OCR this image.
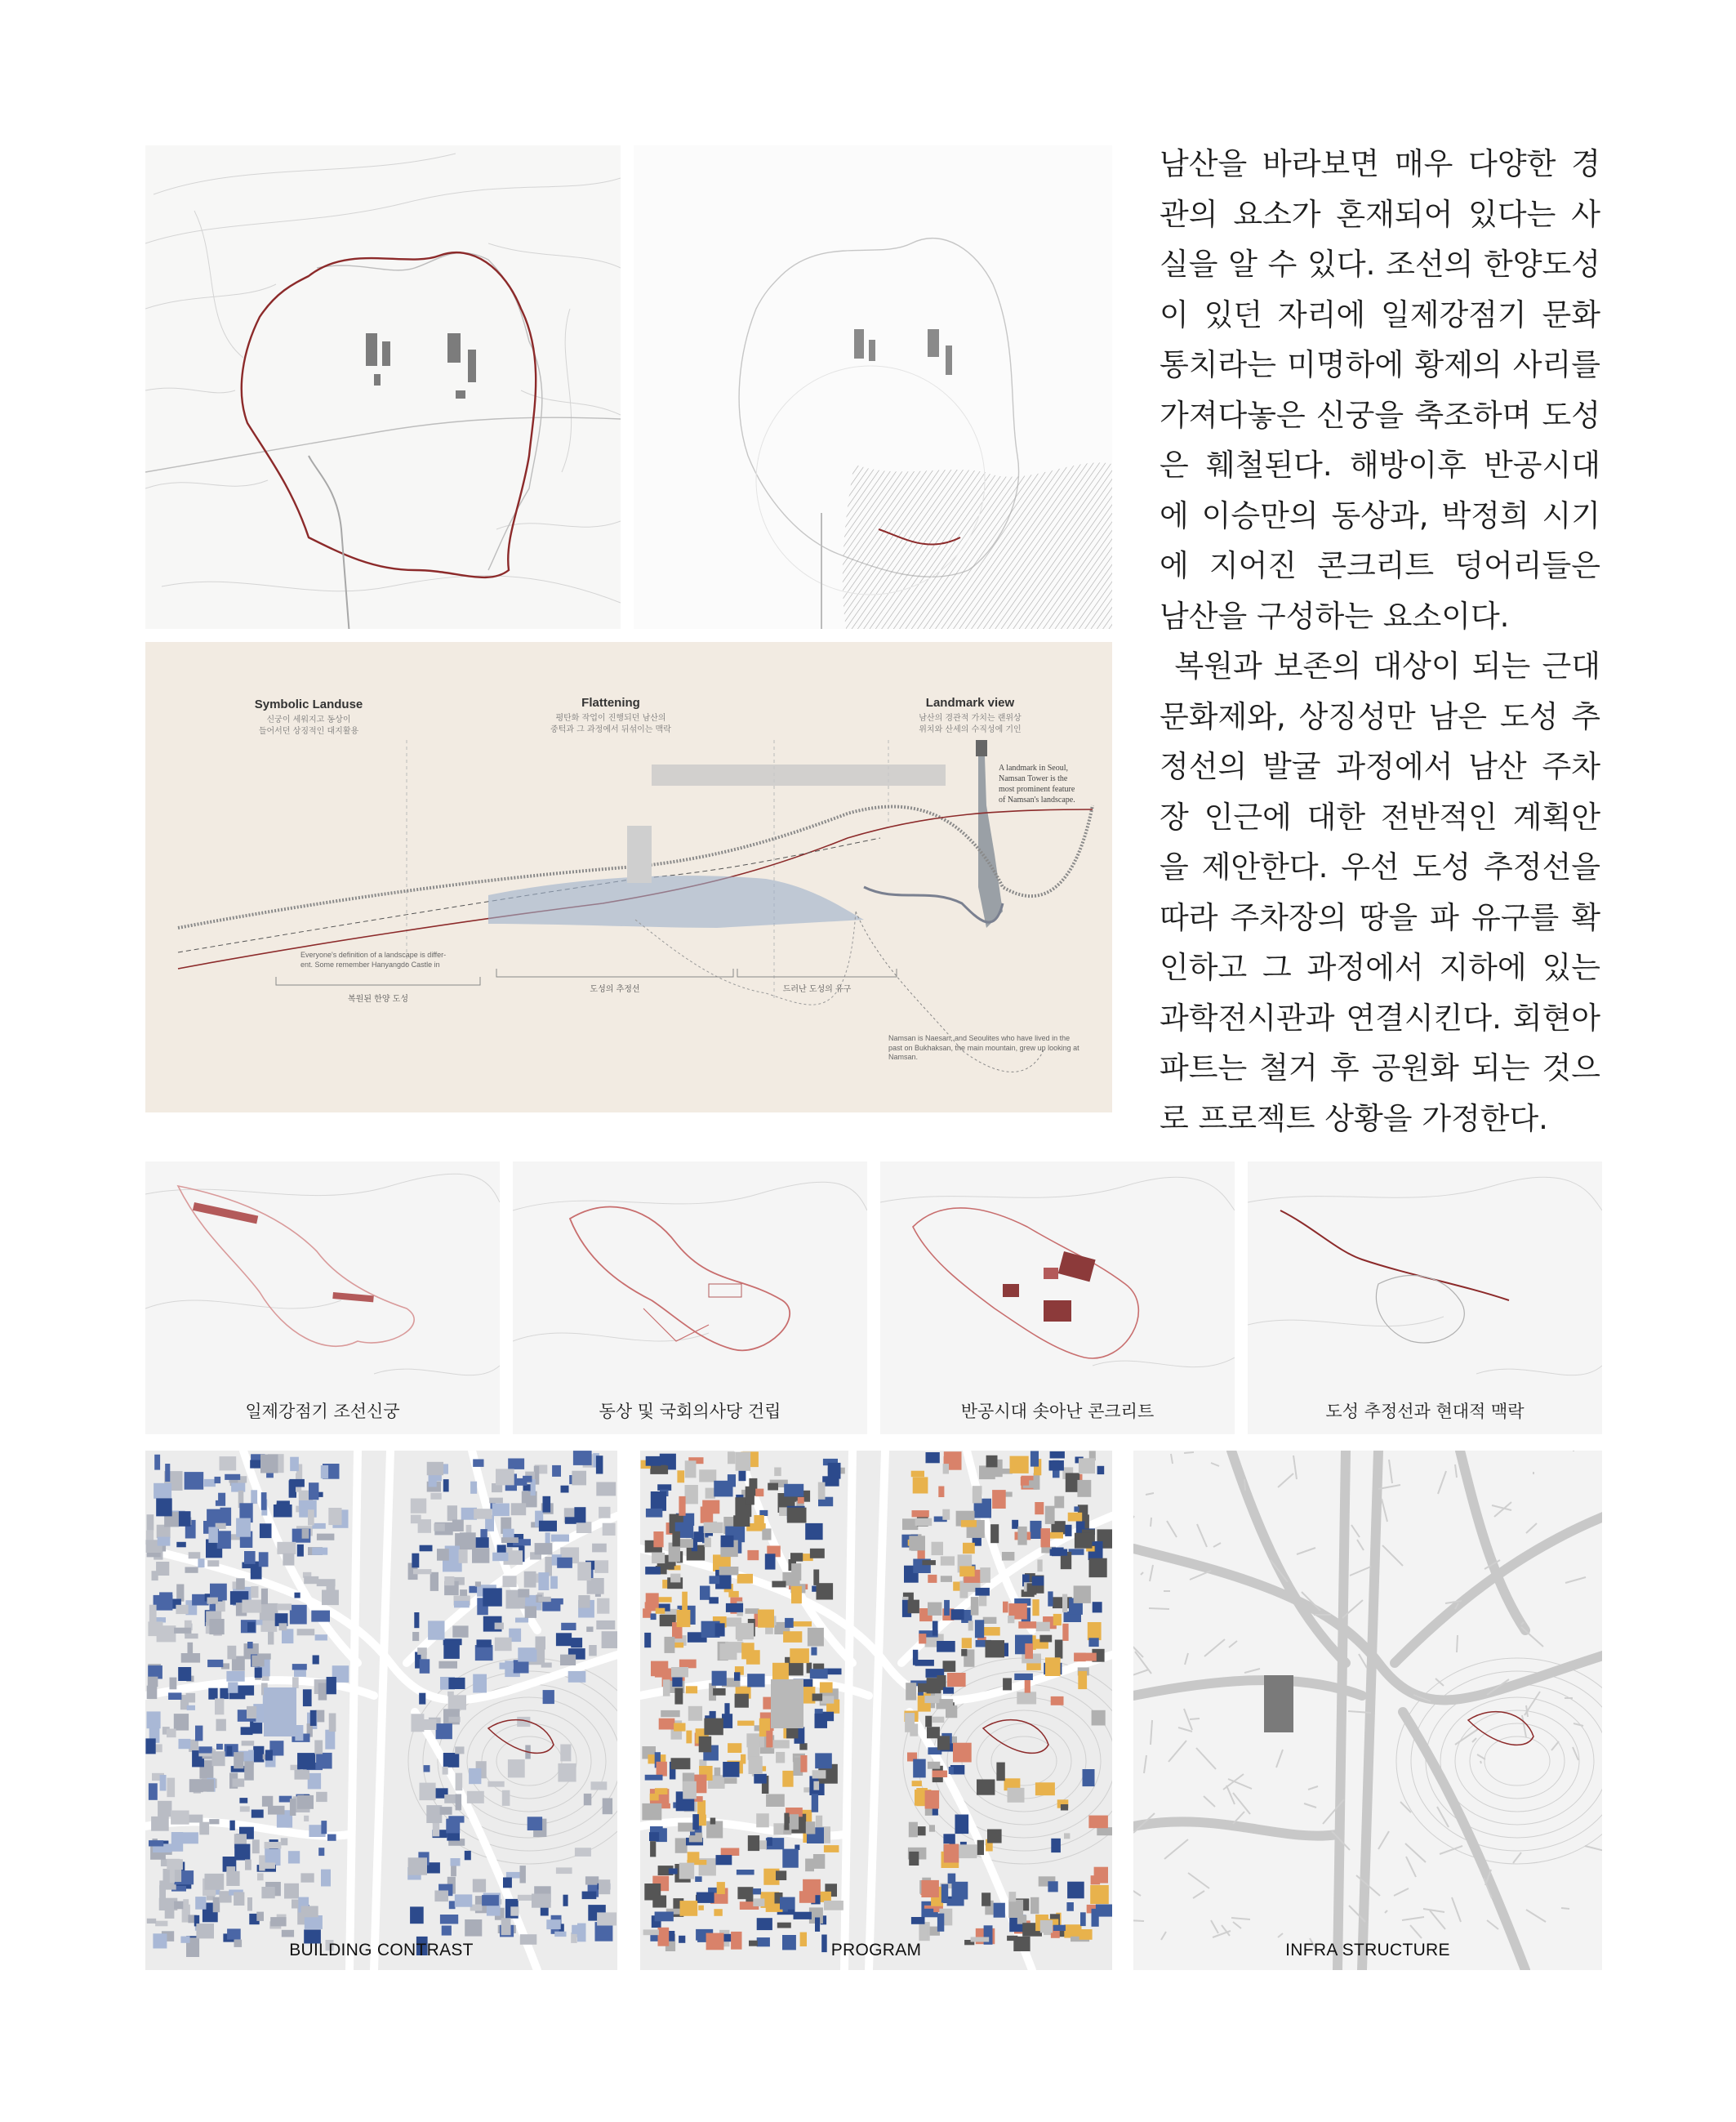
남산을 바라보면 매우 다양한 경관의 요소가 혼재되어 있다는 사실을 알 수 있다. 조선의 한양도성이 있던 자리에 일제강점기 문화통치라는 미명하에 황제의 사리를 가져다놓은 신궁을 축조하며 도성은 훼철된다. 해방이후 반공시대에 이승만의 동상과, 박정희 시기에 지어진 콘크리트 덩어리들은 남산을 구성하는 요소이다.

복원과 보존의 대상이 되는 근대문화제와, 상징성만 남은 도성 추정선의 발굴 과정에서 남산 주차장 인근에 대한 전반적인 계획안을 제안한다. 우선 도성 추정선을 따라 주차장의 땅을 파 유구를 확인하고 그 과정에서 지하에 있는 과학전시관과 연결시킨다. 회현아파트는 철거 후 공원화 되는 것으로 프로젝트 상황을 가정한다.

Symbolic Landuse
신궁이 세워지고 동상이
들어서던 상징적인 대지활용
Flattening
평탄화 작업이 진행되던 남산의
중턱과 그 과정에서 뒤섞이는 맥락
Landmark view
남산의 경관적 가치는 랜위상
위치와 산세의 수직성에 기인
A landmark in Seoul,
Namsan Tower is the
most prominent feature
of Namsan's landscape.
Everyone's definition of a landscape is differ-
ent. Some remember Hanyangdo Castle in
Namsan is Naesan, and Seoulites who have lived in the
past on Bukhaksan, the main mountain, grew up looking at
Namsan.
복원된 한양 도성
도성의 추정선	드러난 도성의 유구
일제강점기 조선신궁	동상 및 국회의사당 건립	반공시대 솟아난 콘크리트	도성 추정선과 현대적 맥락
BUILDING CONTRAST	PROGRAM	INFRA STRUCTURE
